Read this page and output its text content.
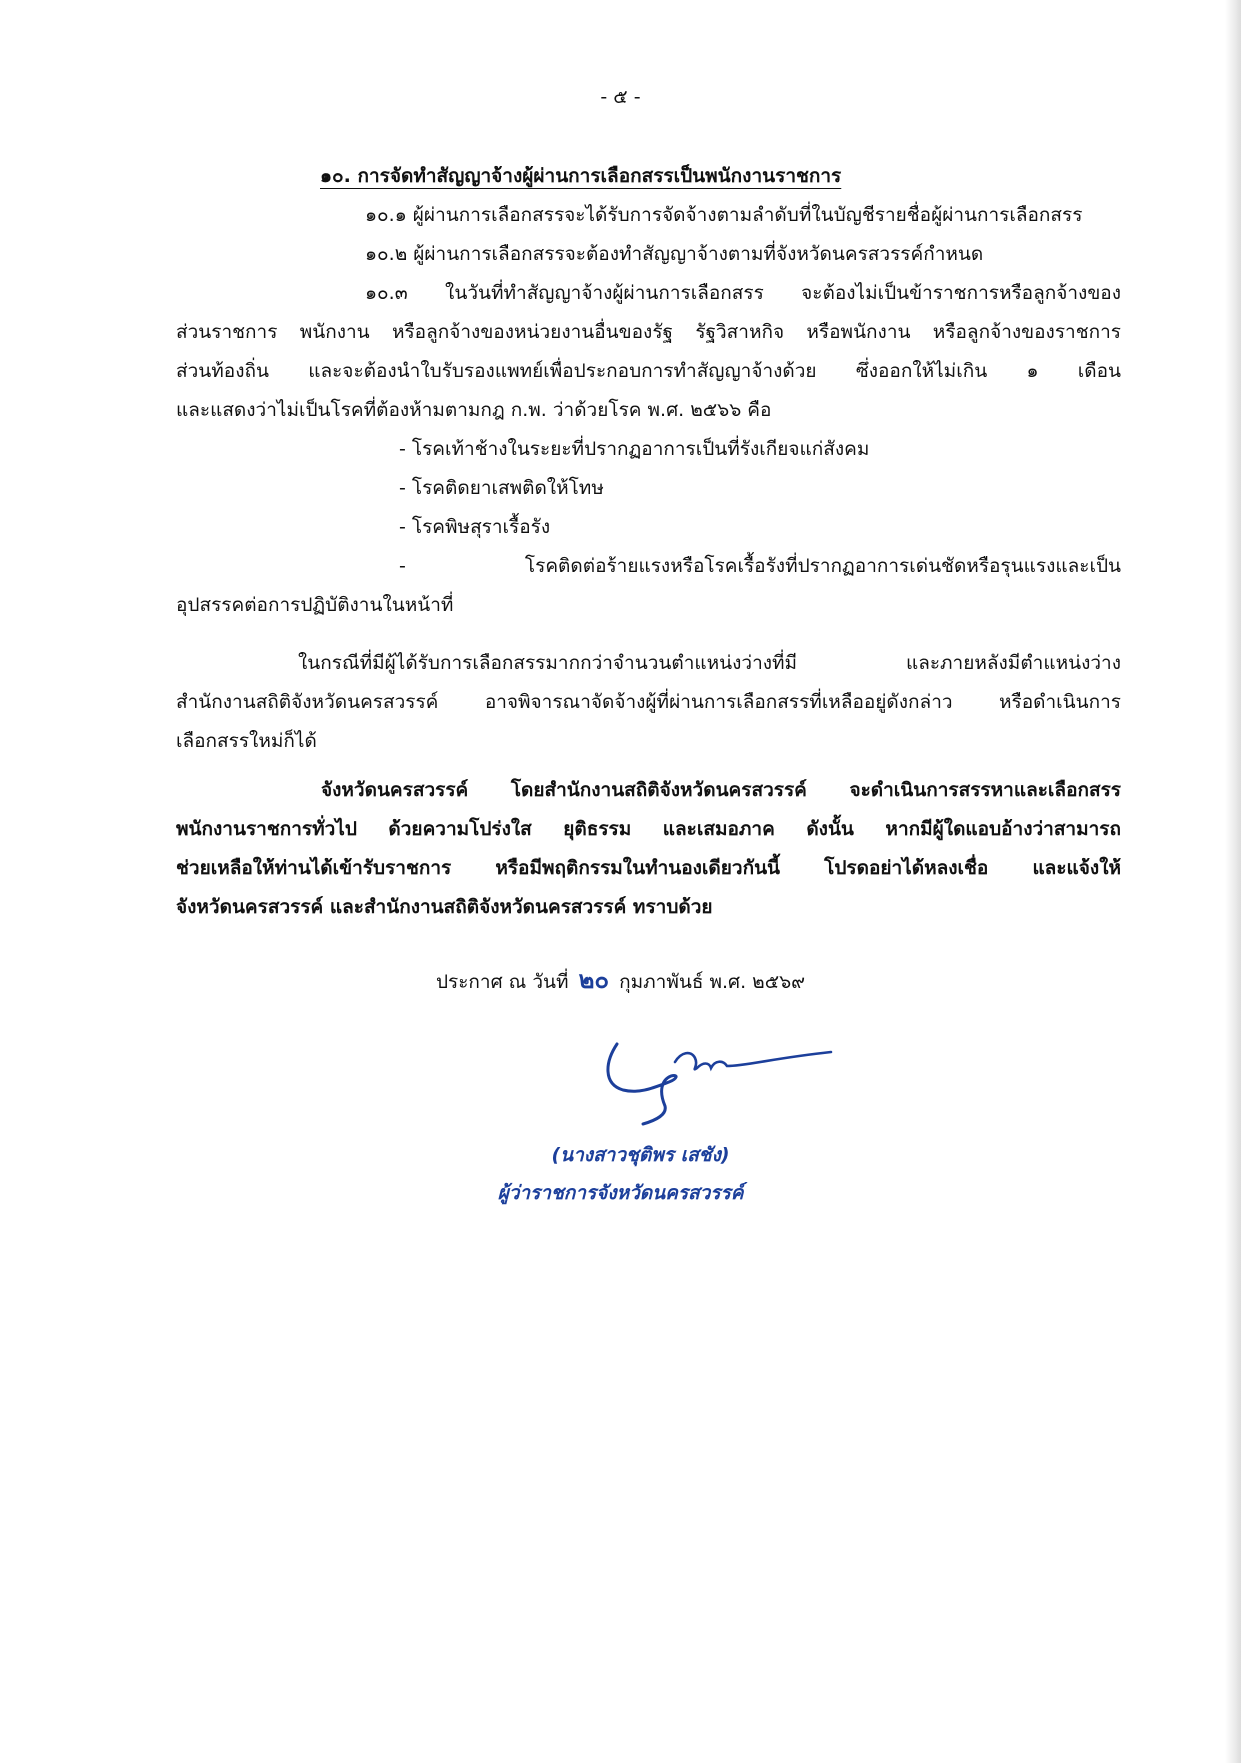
- ๕ -
๑๐. การจัดทำสัญญาจ้างผู้ผ่านการเลือกสรรเป็นพนักงานราชการ
๑๐.๑ ผู้ผ่านการเลือกสรรจะได้รับการจัดจ้างตามลำดับที่ในบัญชีรายชื่อผู้ผ่านการเลือกสรร
๑๐.๒ ผู้ผ่านการเลือกสรรจะต้องทำสัญญาจ้างตามที่จังหวัดนครสวรรค์กำหนด
๑๐.๓ ในวันที่ทำสัญญาจ้างผู้ผ่านการเลือกสรร จะต้องไม่เป็นข้าราชการหรือลูกจ้างของ
ส่วนราชการ พนักงาน หรือลูกจ้างของหน่วยงานอื่นของรัฐ รัฐวิสาหกิจ หรือพนักงาน หรือลูกจ้างของราชการ
ส่วนท้องถิ่น และจะต้องนำใบรับรองแพทย์เพื่อประกอบการทำสัญญาจ้างด้วย ซึ่งออกให้ไม่เกิน ๑ เดือน
และแสดงว่าไม่เป็นโรคที่ต้องห้ามตามกฎ ก.พ. ว่าด้วยโรค พ.ศ. ๒๕๖๖ คือ
- โรคเท้าช้างในระยะที่ปรากฏอาการเป็นที่รังเกียจแก่สังคม
- โรคติดยาเสพติดให้โทษ
- โรคพิษสุราเรื้อรัง
- โรคติดต่อร้ายแรงหรือโรคเรื้อรังที่ปรากฏอาการเด่นชัดหรือรุนแรงและเป็น
อุปสรรคต่อการปฏิบัติงานในหน้าที่
ในกรณีที่มีผู้ได้รับการเลือกสรรมากกว่าจำนวนตำแหน่งว่างที่มี และภายหลังมีตำแหน่งว่าง
สำนักงานสถิติจังหวัดนครสวรรค์ อาจพิจารณาจัดจ้างผู้ที่ผ่านการเลือกสรรที่เหลืออยู่ดังกล่าว หรือดำเนินการ
เลือกสรรใหม่ก็ได้
จังหวัดนครสวรรค์ โดยสำนักงานสถิติจังหวัดนครสวรรค์ จะดำเนินการสรรหาและเลือกสรร
พนักงานราชการทั่วไป ด้วยความโปร่งใส ยุติธรรม และเสมอภาค ดังนั้น หากมีผู้ใดแอบอ้างว่าสามารถ
ช่วยเหลือให้ท่านได้เข้ารับราชการ หรือมีพฤติกรรมในทำนองเดียวกันนี้ โปรดอย่าได้หลงเชื่อ และแจ้งให้
จังหวัดนครสวรรค์ และสำนักงานสถิติจังหวัดนครสวรรค์ ทราบด้วย
ประกาศ ณ วันที่ ๒๐ กุมภาพันธ์ พ.ศ. ๒๕๖๙
(นางสาวชุติพร เสชัง)
ผู้ว่าราชการจังหวัดนครสวรรค์
